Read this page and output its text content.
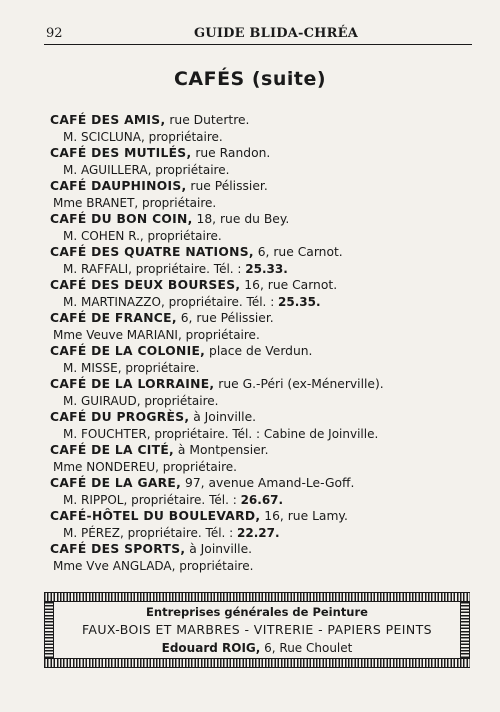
92	GUIDE BLIDA-CHRÉA
CAFÉS (suite)
CAFÉ DES AMIS, rue Dutertre.
M. SCICLUNA, propriétaire.
CAFÉ DES MUTILÉS, rue Randon.
M. AGUILLERA, propriétaire.
CAFÉ DAUPHINOIS, rue Pélissier.
Mme BRANET, propriétaire.
CAFÉ DU BON COIN, 18, rue du Bey.
M. COHEN R., propriétaire.
CAFÉ DES QUATRE NATIONS, 6, rue Carnot.
M. RAFFALI, propriétaire. Tél. : 25.33.
CAFÉ DES DEUX BOURSES, 16, rue Carnot.
M. MARTINAZZO, propriétaire. Tél. : 25.35.
CAFÉ DE FRANCE, 6, rue Pélissier.
Mme Veuve MARIANI, propriétaire.
CAFÉ DE LA COLONIE, place de Verdun.
M. MISSE, propriétaire.
CAFÉ DE LA LORRAINE, rue G.-Péri (ex-Ménerville).
M. GUIRAUD, propriétaire.
CAFÉ DU PROGRÈS, à Joinville.
M. FOUCHTER, propriétaire. Tél. : Cabine de Joinville.
CAFÉ DE LA CITÉ, à Montpensier.
Mme NONDEREU, propriétaire.
CAFÉ DE LA GARE, 97, avenue Amand-Le-Goff.
M. RIPPOL, propriétaire. Tél. : 26.67.
CAFÉ-HÔTEL DU BOULEVARD, 16, rue Lamy.
M. PÉREZ, propriétaire. Tél. : 22.27.
CAFÉ DES SPORTS, à Joinville.
Mme Vve ANGLADA, propriétaire.
Entreprises générales de Peinture
FAUX-BOIS ET MARBRES - VITRERIE - PAPIERS PEINTS
Edouard ROIG, 6, Rue Choulet
